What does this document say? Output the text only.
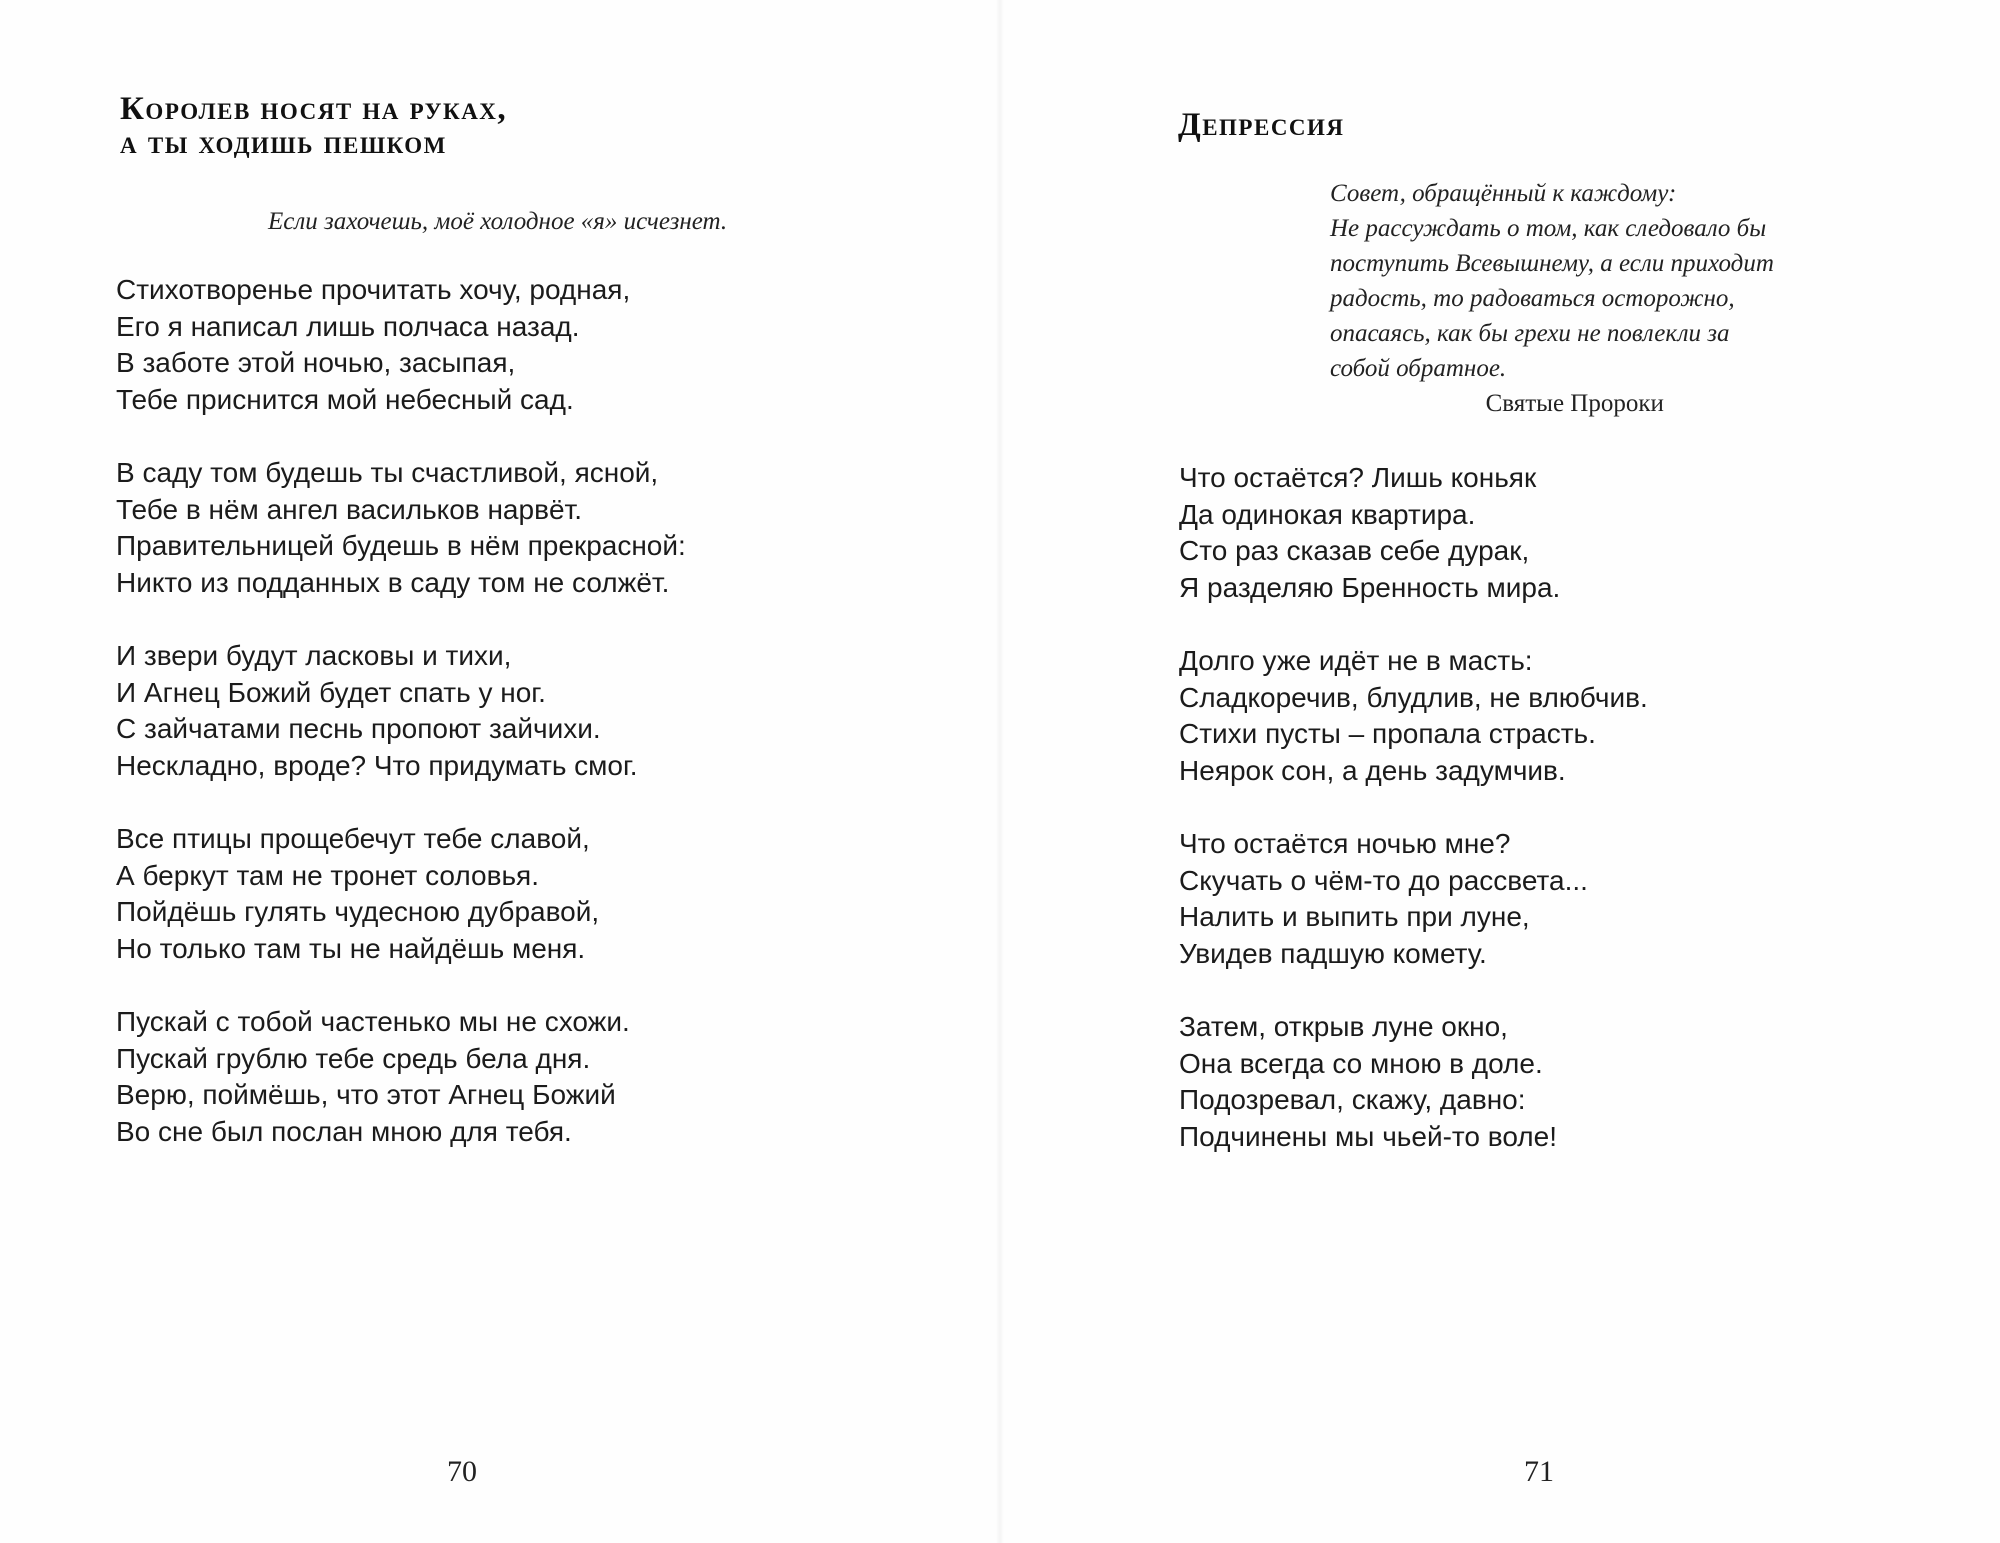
Королев носят на руках,
а ты ходишь пешком
Если захочешь, моё холодное «я» исчезнет.
Стихотворенье прочитать хочу, родная,
Его я написал лишь полчаса назад.
В заботе этой ночью, засыпая,
Тебе приснится мой небесный сад.
В саду том будешь ты счастливой, ясной,
Тебе в нём ангел васильков нарвёт.
Правительницей будешь в нём прекрасной:
Никто из подданных в саду том не солжёт.
И звери будут ласковы и тихи,
И Агнец Божий будет спать у ног.
С зайчатами песнь пропоют зайчихи.
Нескладно, вроде? Что придумать смог.
Все птицы прощебечут тебе славой,
А беркут там не тронет соловья.
Пойдёшь гулять чудесною дубравой,
Но только там ты не найдёшь меня.
Пускай с тобой частенько мы не схожи.
Пускай грублю тебе средь бела дня.
Верю, поймёшь, что этот Агнец Божий
Во сне был послан мною для тебя.
70
Депрессия
Совет, обращённый к каждому:
Не рассуждать о том, как следовало бы
поступить Всевышнему, а если приходит
радость, то радоваться осторожно,
опасаясь, как бы грехи не повлекли за
собой обратное.
Святые Пророки
Что остаётся? Лишь коньяк
Да одинокая квартира.
Сто раз сказав себе дурак,
Я разделяю Бренность мира.
Долго уже идёт не в масть:
Сладкоречив, блудлив, не влюбчив.
Стихи пусты – пропала страсть.
Неярок сон, а день задумчив.
Что остаётся ночью мне?
Скучать о чём-то до рассвета...
Налить и выпить при луне,
Увидев падшую комету.
Затем, открыв луне окно,
Она всегда со мною в доле.
Подозревал, скажу, давно:
Подчинены мы чьей-то воле!
71
